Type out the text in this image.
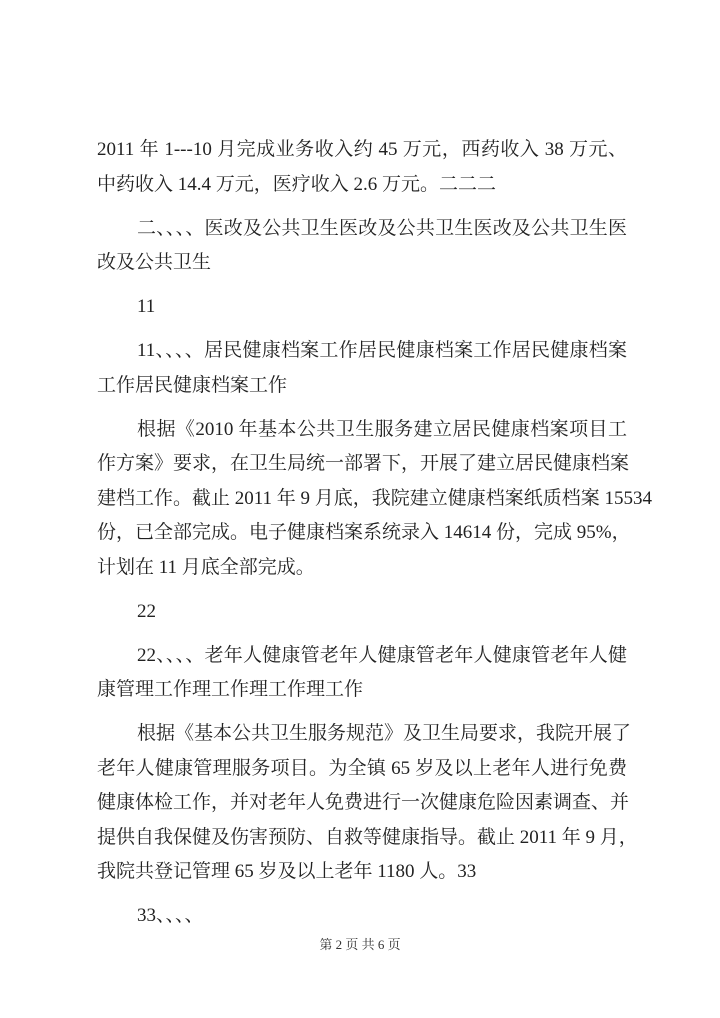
2011 年 1---10 月完成业务收入约 45 万元，西药收入 38 万元、
中药收入 14.4 万元，医疗收入 2.6 万元。二二二
二、、、、医改及公共卫生医改及公共卫生医改及公共卫生医
改及公共卫生
11
11、、、、居民健康档案工作居民健康档案工作居民健康档案
工作居民健康档案工作
根据《2010 年基本公共卫生服务建立居民健康档案项目工
作方案》要求，在卫生局统一部署下，开展了建立居民健康档案
建档工作。截止 2011 年 9 月底，我院建立健康档案纸质档案 15534
份，已全部完成。电子健康档案系统录入 14614 份，完成 95%，
计划在 11 月底全部完成。
22
22、、、、老年人健康管老年人健康管老年人健康管老年人健
康管理工作理工作理工作理工作
根据《基本公共卫生服务规范》及卫生局要求，我院开展了
老年人健康管理服务项目。为全镇 65 岁及以上老年人进行免费
健康体检工作，并对老年人免费进行一次健康危险因素调查、并
提供自我保健及伤害预防、自救等健康指导。截止 2011 年 9 月，
我院共登记管理 65 岁及以上老年 1180 人。33
33、、、、
第 2 页 共 6 页
